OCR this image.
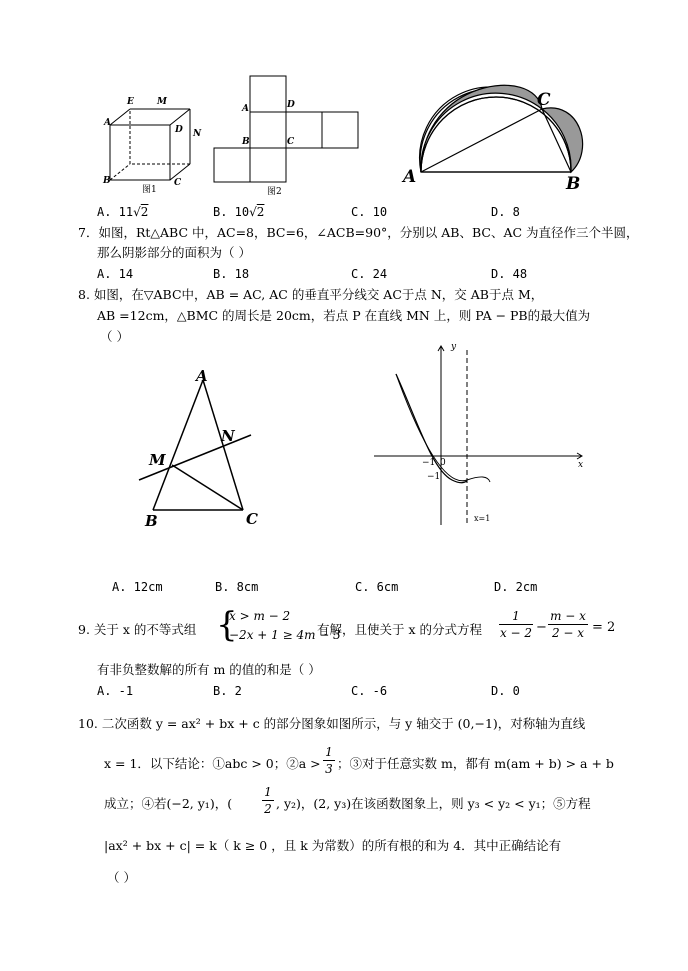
E	M
A
D N
B	C
图1
A	D
B	C
图2
A	B
C
A. 11√2	B. 10√2	C. 10	D. 8
7．如图，Rt△ABC 中，AC=8，BC=6，∠ACB=90°，分别以 AB、BC、AC 为直径作三个半圆，
那么阴影部分的面积为（ ）
A. 14	B. 18	C. 24	D. 48
8. 如图，在▽ABC中，AB = AC, AC 的垂直平分线交 AC于点 N，交 AB于点 M，
AB =12cm，△BMC 的周长是 20cm，若点 P 在直线 MN 上，则 PA − PB的最大值为
（ ）
A
M
N
B	C
y
x
−1 0
−1
x=1
A. 12cm	B. 8cm	C. 6cm	D. 2cm
9. 关于 x 的不等式组 {
x > m − 2
−2x + 1 ≥ 4m − 3
有解，且使关于 x 的分式方程
1
x − 2 −
m − x
2 − x = 2
有非负整数解的所有 m 的值的和是（ ）
A. -1	B. 2	C. -6	D. 0
10. 二次函数 y = ax² + bx + c 的部分图象如图所示，与 y 轴交于 (0,−1)，对称轴为直线
x = 1．以下结论：①abc > 0；②a >
1
3 ；③对于任意实数 m，都有 m(am + b) > a + b
成立；④若(−2, y₁)，(
1
2 , y₂)，(2, y₃)在该函数图象上，则 y₃ < y₂ < y₁；⑤方程
|ax² + bx + c| = k（ k ≥ 0 ，且 k 为常数）的所有根的和为 4．其中正确结论有
（ ）
